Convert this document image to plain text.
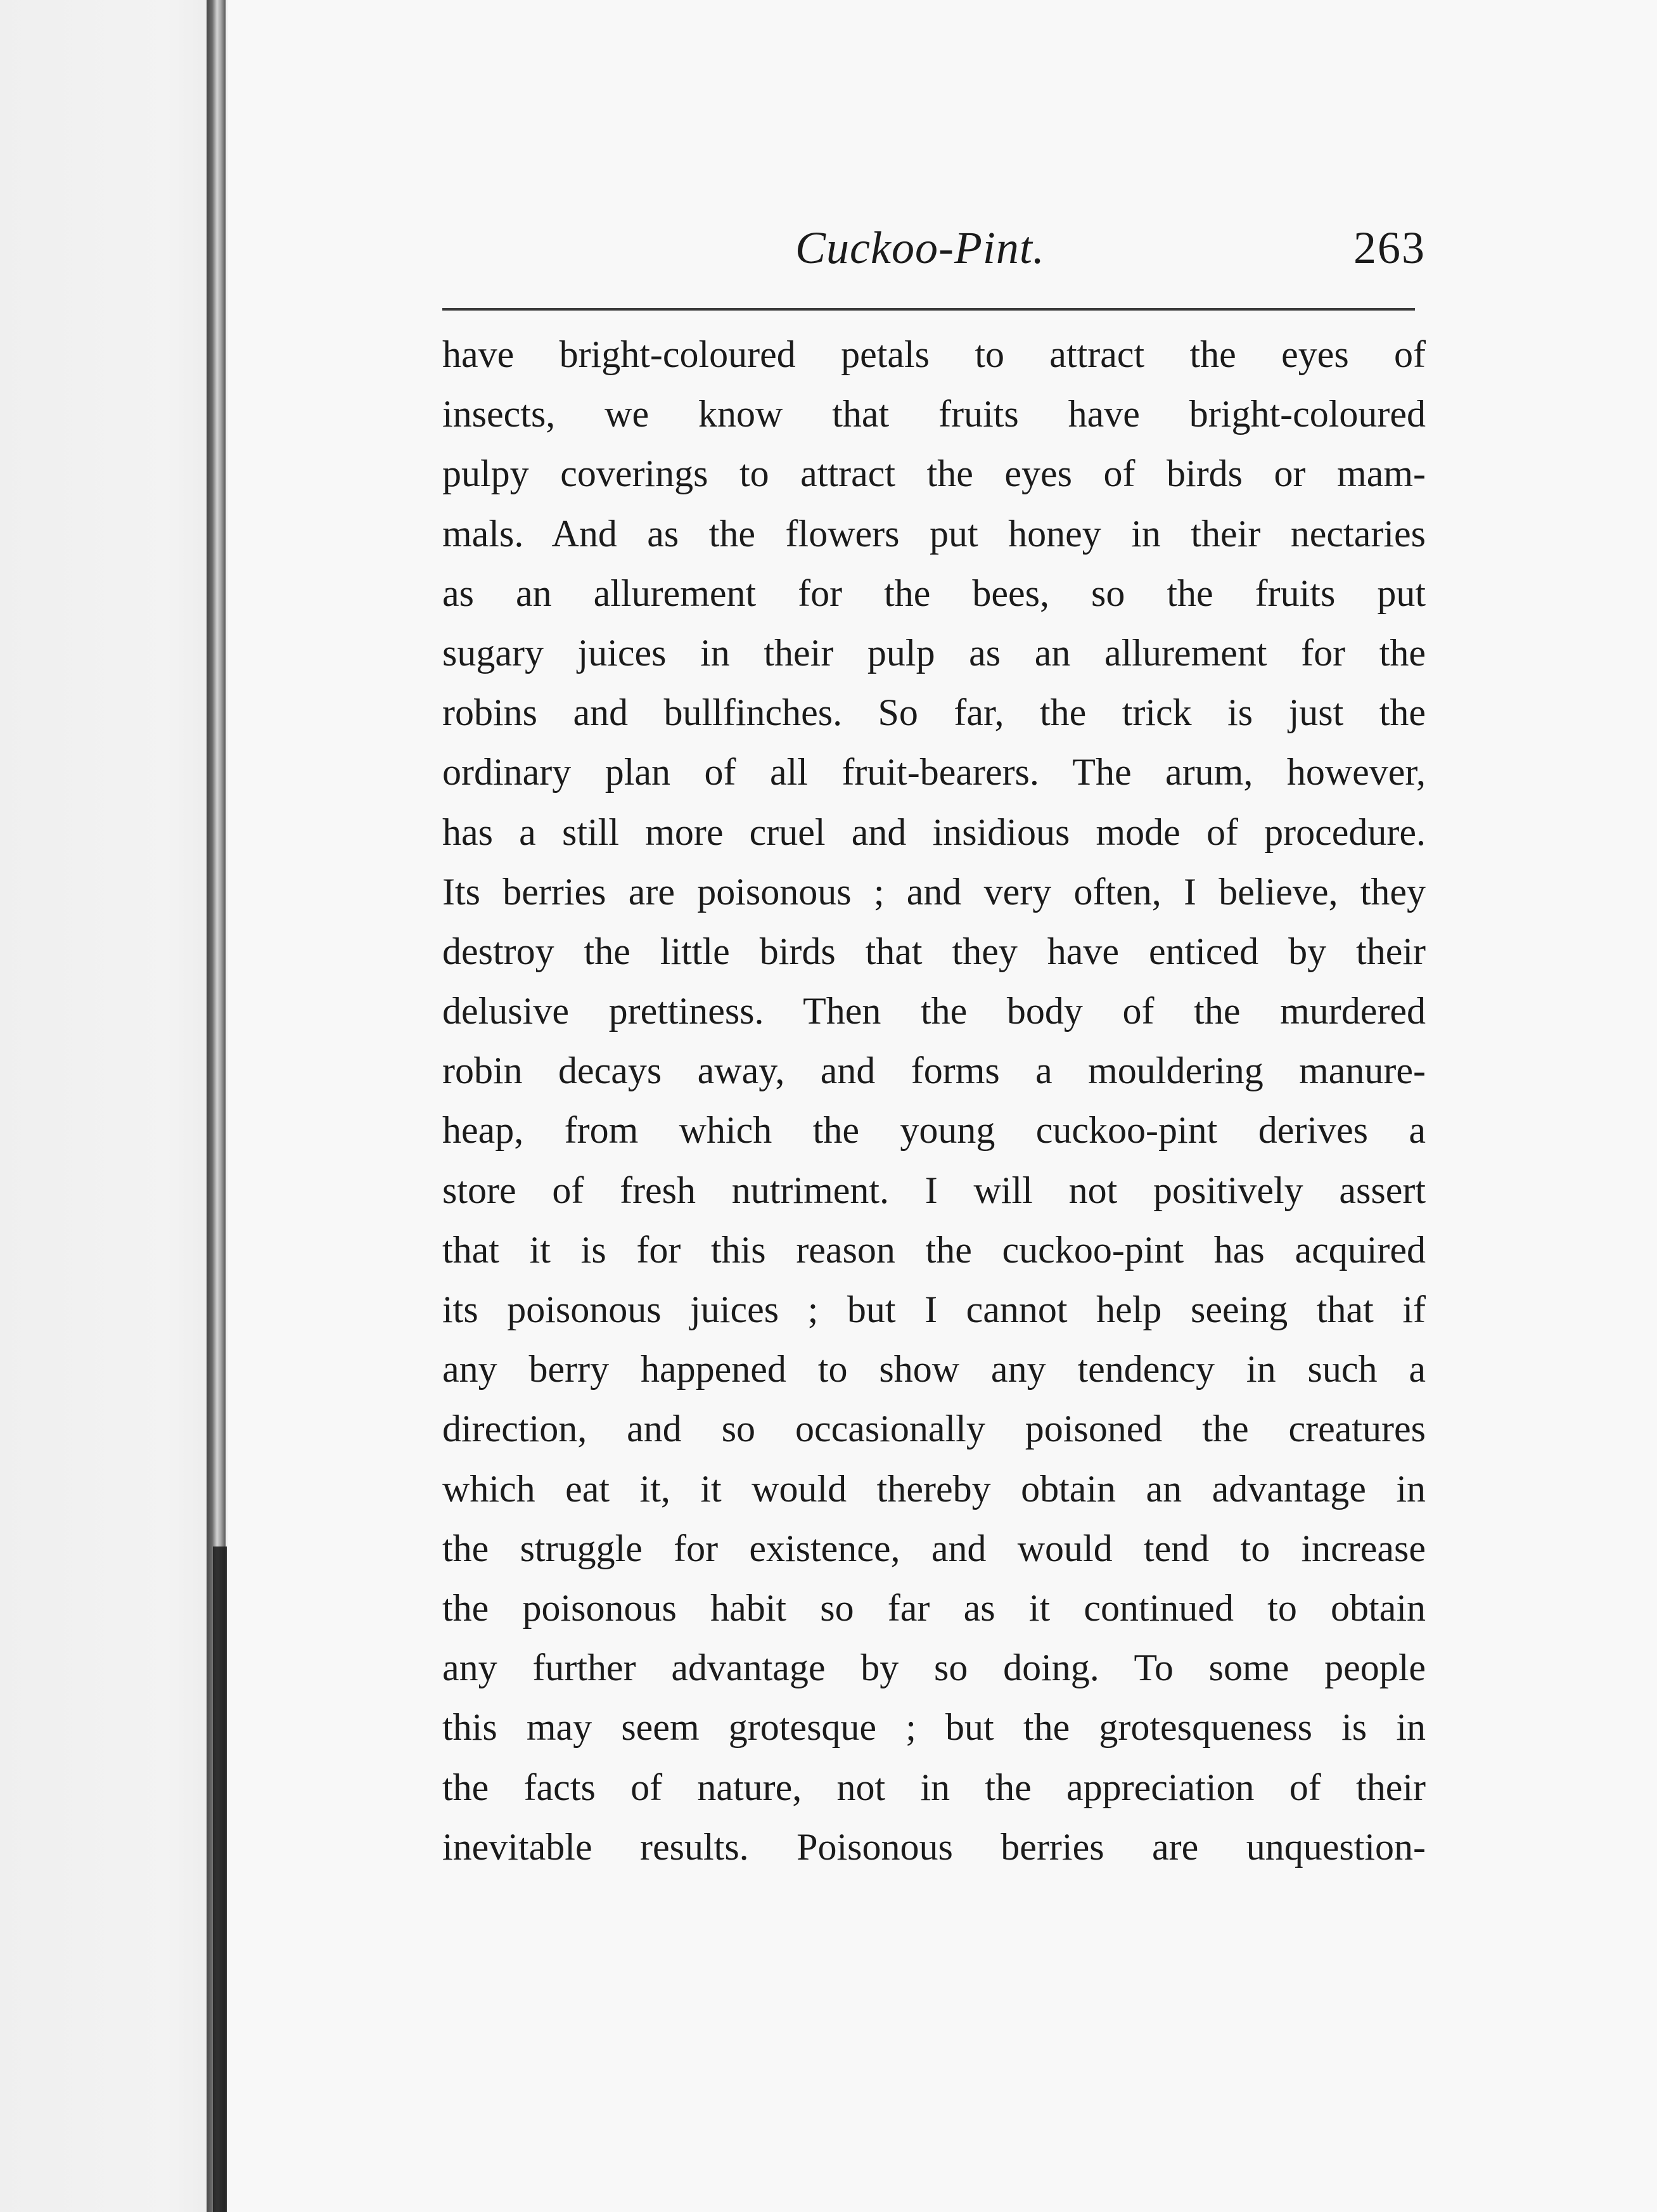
Cuckoo-Pint.	263
have bright-coloured petals to attract the eyes of
insects, we know that fruits have bright-coloured
pulpy coverings to attract the eyes of birds or mam-
mals. And as the flowers put honey in their nectaries
as an allurement for the bees, so the fruits put
sugary juices in their pulp as an allurement for the
robins and bullfinches. So far, the trick is just the
ordinary plan of all fruit-bearers. The arum, however,
has a still more cruel and insidious mode of procedure.
Its berries are poisonous ; and very often, I believe, they
destroy the little birds that they have enticed by their
delusive prettiness. Then the body of the murdered
robin decays away, and forms a mouldering manure-
heap, from which the young cuckoo-pint derives a
store of fresh nutriment. I will not positively assert
that it is for this reason the cuckoo-pint has acquired
its poisonous juices ; but I cannot help seeing that if
any berry happened to show any tendency in such a
direction, and so occasionally poisoned the creatures
which eat it, it would thereby obtain an advantage in
the struggle for existence, and would tend to increase
the poisonous habit so far as it continued to obtain
any further advantage by so doing. To some people
this may seem grotesque ; but the grotesqueness is in
the facts of nature, not in the appreciation of their
inevitable results. Poisonous berries are unquestion-
